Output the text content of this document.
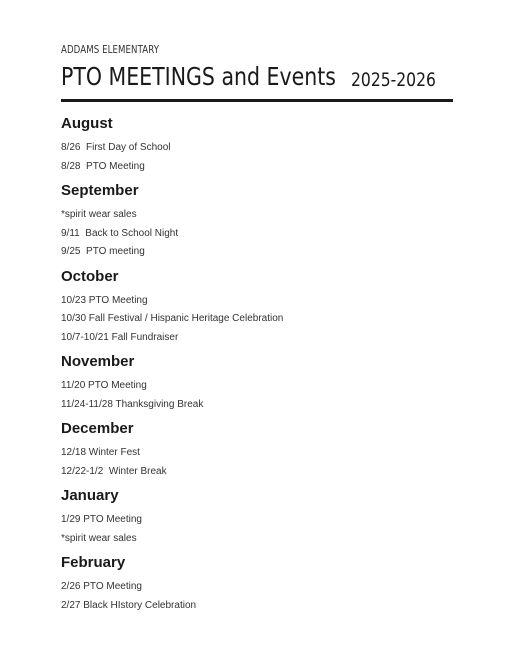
ADDAMS ELEMENTARY
PTO MEETINGS and Events 2025-2026
August
8/26  First Day of School
8/28  PTO Meeting
September
*spirit wear sales
9/11  Back to School Night
9/25  PTO meeting
October
10/23 PTO Meeting
10/30 Fall Festival / Hispanic Heritage Celebration
10/7-10/21 Fall Fundraiser
November
11/20 PTO Meeting
11/24-11/28 Thanksgiving Break
December
12/18 Winter Fest
12/22-1/2  Winter Break
January
1/29 PTO Meeting
*spirit wear sales
February
2/26 PTO Meeting
2/27 Black HIstory Celebration
